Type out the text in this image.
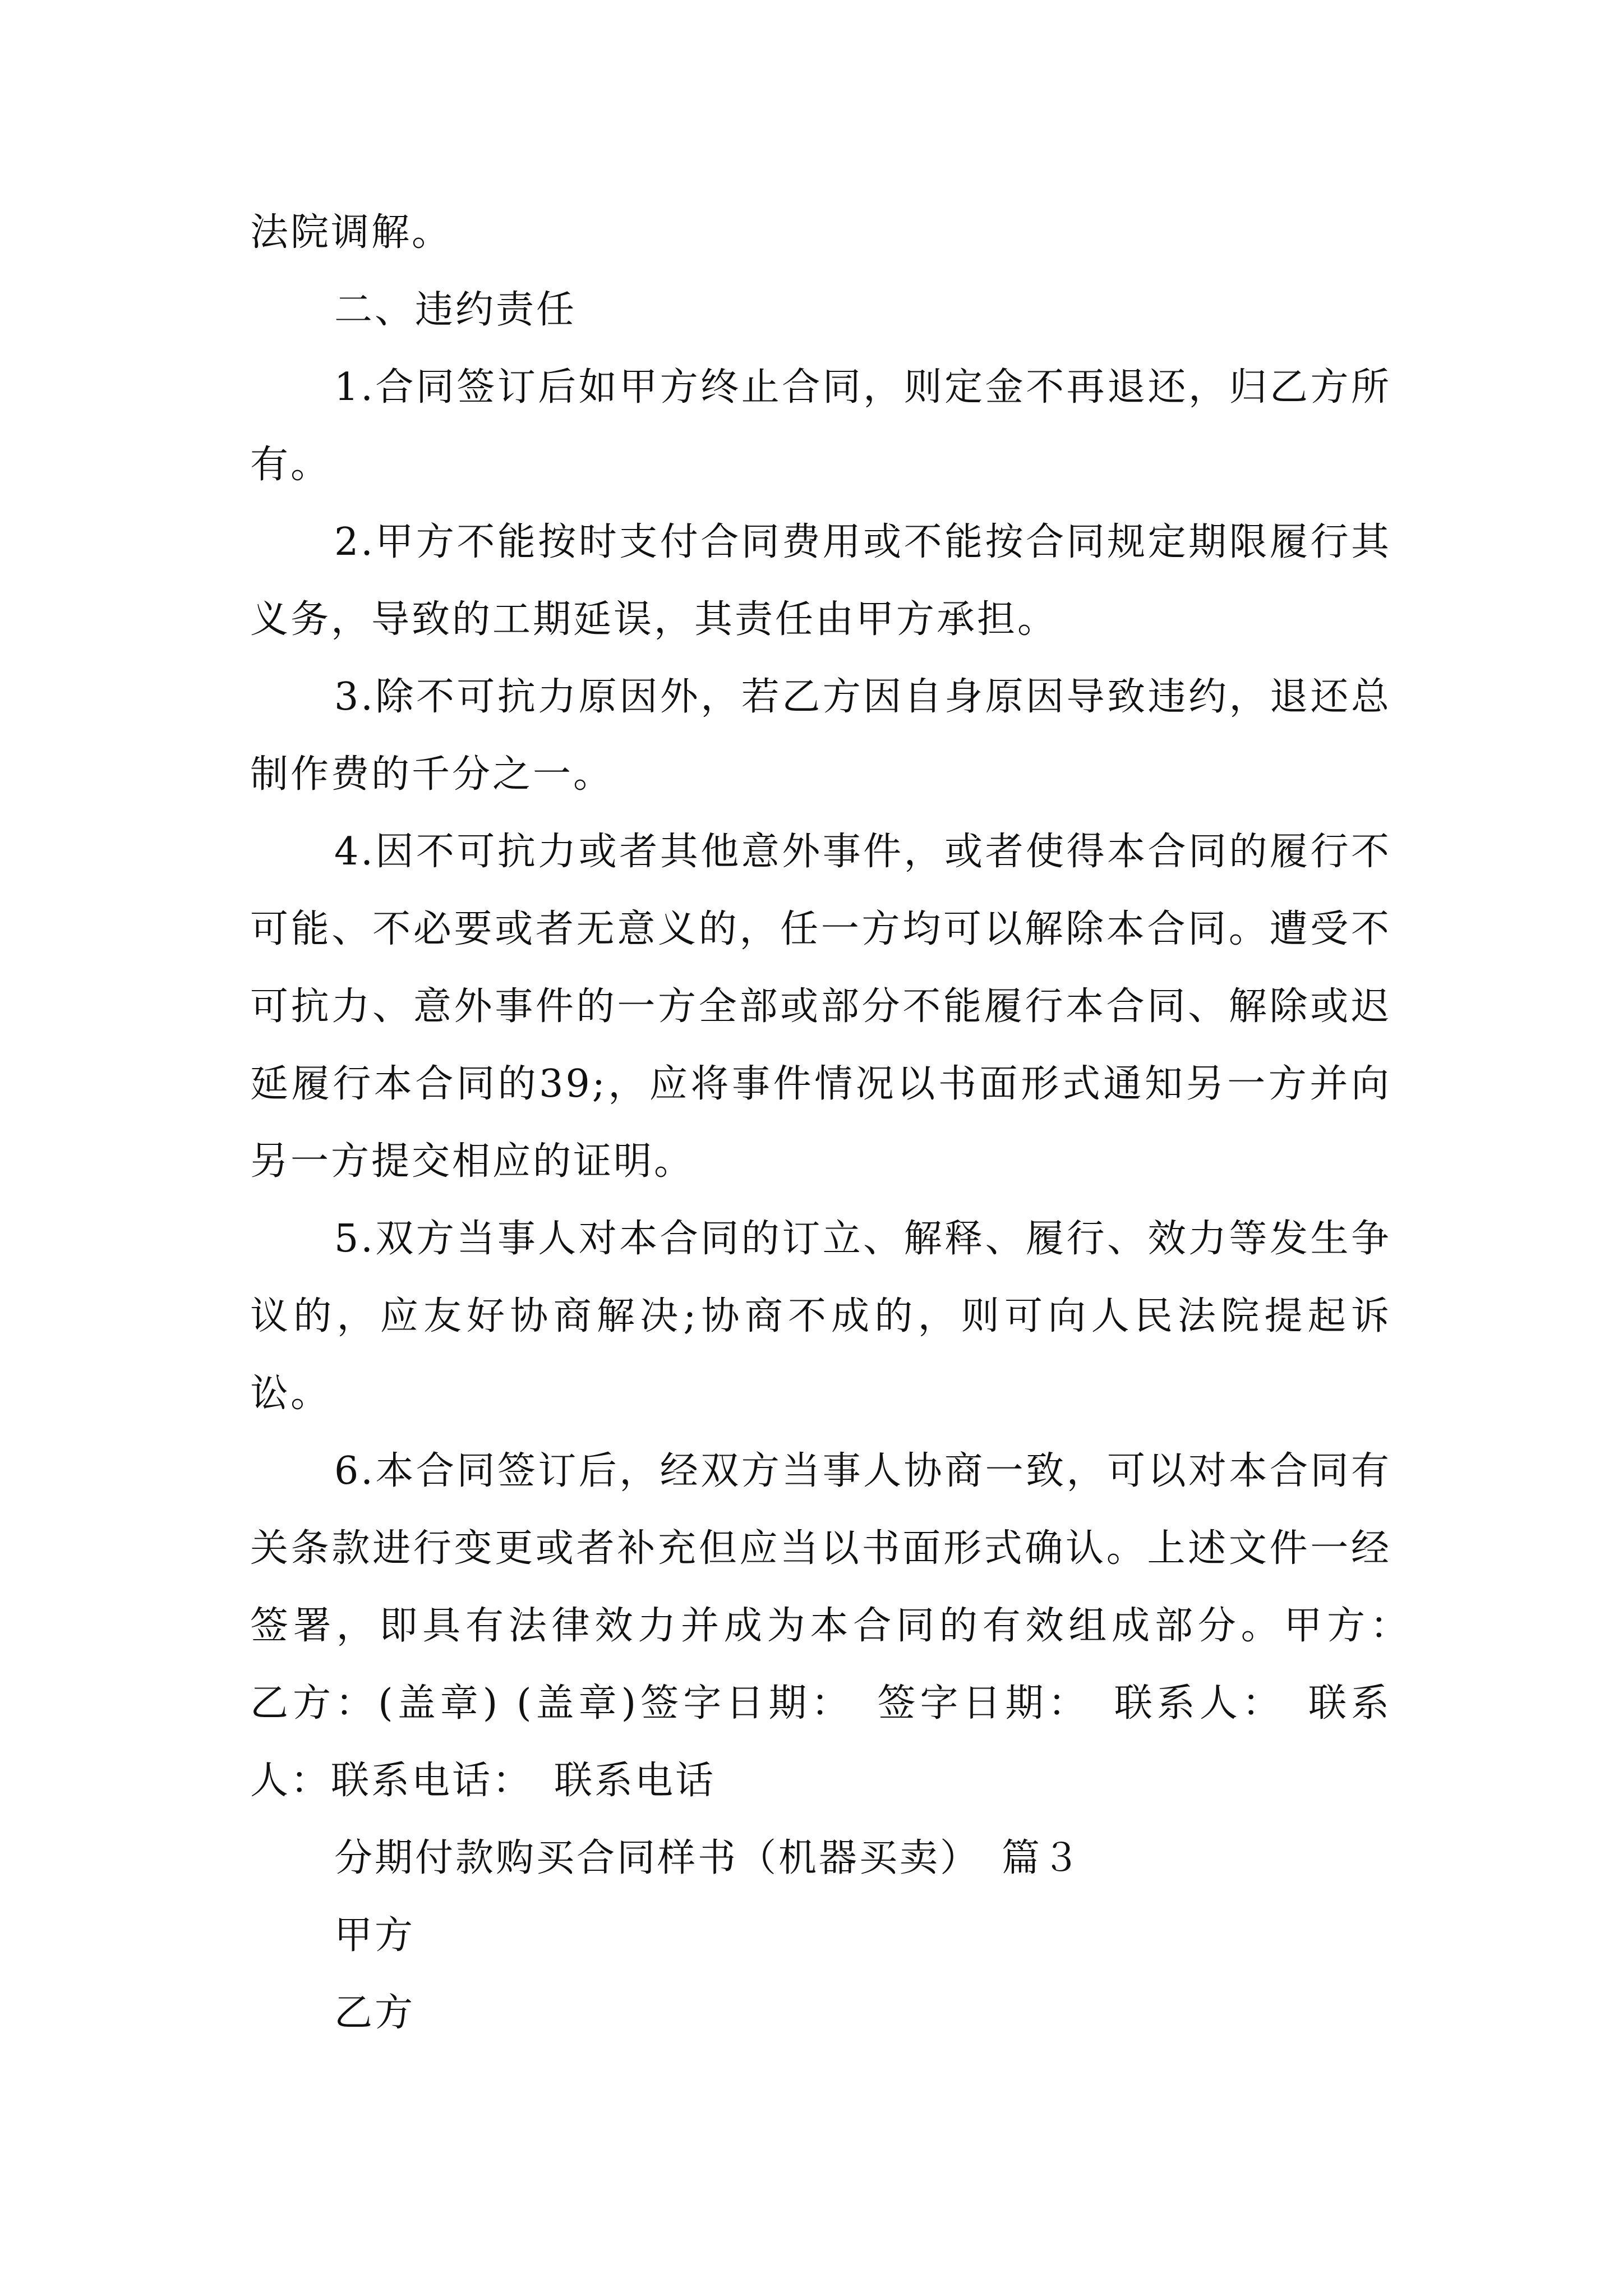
法院调解。

二、违约责任

1.合同签订后如甲方终止合同，则定金不再退还，归乙方所有。

2.甲方不能按时支付合同费用或不能按合同规定期限履行其义务，导致的工期延误，其责任由甲方承担。

3.除不可抗力原因外，若乙方因自身原因导致违约，退还总制作费的千分之一。

4.因不可抗力或者其他意外事件，或者使得本合同的履行不可能、不必要或者无意义的，任一方均可以解除本合同。遭受不可抗力、意外事件的一方全部或部分不能履行本合同、解除或迟延履行本合同的39;，应将事件情况以书面形式通知另一方并向另一方提交相应的证明。

5.双方当事人对本合同的订立、解释、履行、效力等发生争议的，应友好协商解决;协商不成的，则可向人民法院提起诉讼。

6.本合同签订后，经双方当事人协商一致，可以对本合同有关条款进行变更或者补充但应当以书面形式确认。上述文件一经签署，即具有法律效力并成为本合同的有效组成部分。甲方：　乙方：(盖章) (盖章)签字日期：　签字日期：　联系人：　联系人：联系电话：　联系电话

分期付款购买合同样书（机器买卖）　篇３

甲方

乙方
